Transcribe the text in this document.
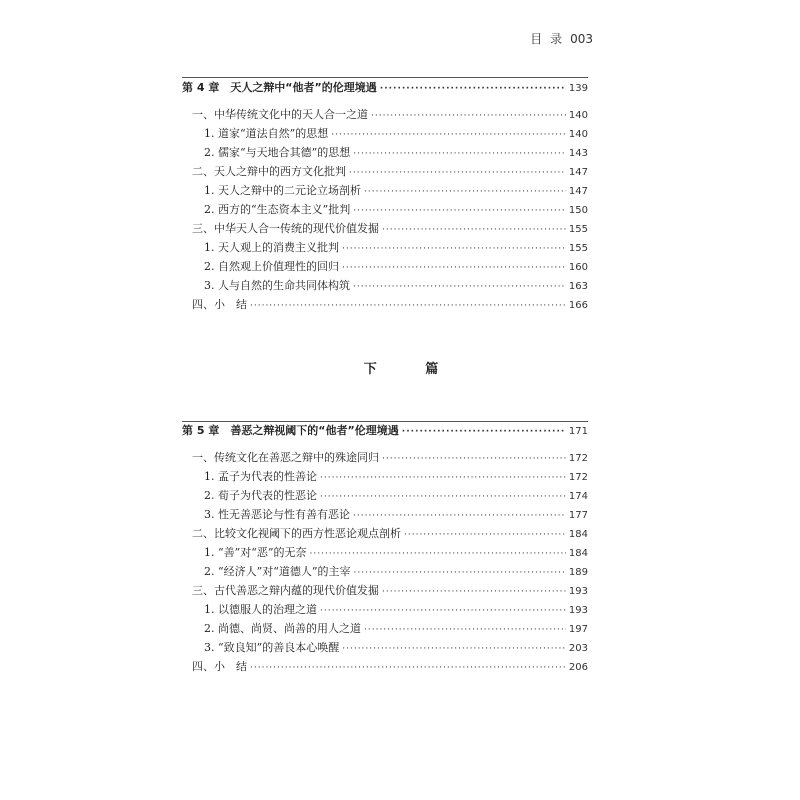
目 录 003
下 篇
第 4 章　天人之辩中“他者”的伦理境遇 ·····	139
一、中华传统文化中的天人合一之道 ·····	140
1. 道家“道法自然”的思想 ·····	140
2. 儒家“与天地合其德”的思想 ·····	143
二、天人之辩中的西方文化批判 ·····	147
1. 天人之辩中的二元论立场剖析 ·····	147
2. 西方的“生态资本主义”批判 ·····	150
三、中华天人合一传统的现代价值发掘 ·····	155
1. 天人观上的消费主义批判 ·····	155
2. 自然观上价值理性的回归 ·····	160
3. 人与自然的生命共同体构筑 ·····	163
四、小　结 ·····	166
第 5 章　善恶之辩视阈下的“他者”伦理境遇 ·····	171
一、传统文化在善恶之辩中的殊途同归 ·····	172
1. 孟子为代表的性善论 ·····	172
2. 荀子为代表的性恶论 ·····	174
3. 性无善恶论与性有善有恶论 ·····	177
二、比较文化视阈下的西方性恶论观点剖析 ·····	184
1. “善”对“恶”的无奈 ·····	184
2. “经济人”对“道德人”的主宰 ·····	189
三、古代善恶之辩内蕴的现代价值发掘 ·····	193
1. 以德服人的治理之道 ·····	193
2. 尚德、尚贤、尚善的用人之道 ·····	197
3. “致良知”的善良本心唤醒 ·····	203
四、小　结 ·····	206
